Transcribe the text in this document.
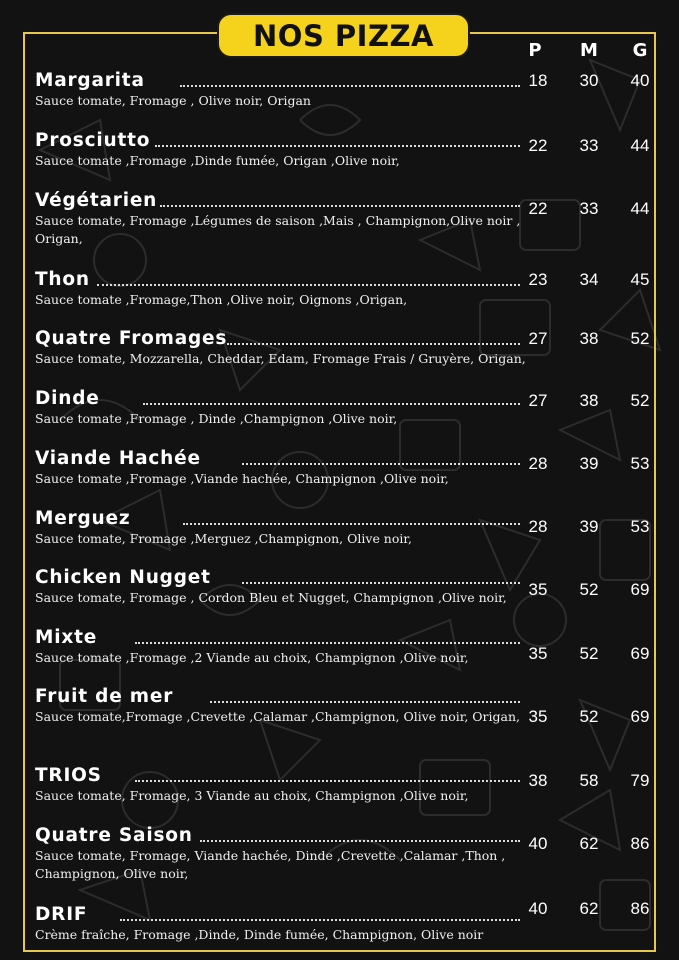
NOS PIZZA	P	M	G
Margarita
Sauce tomate, Fromage , Olive noir, Origan
18	30	40
Prosciutto
Sauce tomate ,Fromage ,Dinde fumée, Origan ,Olive noir,
22	33	44
Végétarien
Sauce tomate, Fromage ,Légumes de saison ,Mais , Champignon,Olive noir , Origan,
22	33	44
Thon
Sauce tomate ,Fromage,Thon ,Olive noir, Oignons ,Origan,
23	34	45
Quatre Fromages
Sauce tomate, Mozzarella, Cheddar, Edam, Fromage Frais / Gruyère, Origan,
27	38	52
Dinde
Sauce tomate ,Fromage , Dinde ,Champignon ,Olive noir,
27	38	52
Viande Hachée
Sauce tomate ,Fromage ,Viande hachée, Champignon ,Olive noir,
28	39	53
Merguez
Sauce tomate, Fromage ,Merguez ,Champignon, Olive noir,
28	39	53
Chicken Nugget
Sauce tomate, Fromage , Cordon Bleu et Nugget, Champignon ,Olive noir,	35	52	69
Mixte
Sauce tomate ,Fromage ,2 Viande au choix, Champignon ,Olive noir,	35	52	69
Fruit de mer
Sauce tomate,Fromage ,Crevette ,Calamar ,Champignon, Olive noir, Origan, 35	52	69
TRIOS
Sauce tomate, Fromage, 3 Viande au choix, Champignon ,Olive noir,
38	58	79
Quatre Saison
Sauce tomate, Fromage, Viande hachée, Dinde ,Crevette ,Calamar ,Thon , Champignon, Olive noir,
40	62	86
DRIF
Crème fraîche, Fromage ,Dinde, Dinde fumée, Champignon, Olive noir
40	62	86
